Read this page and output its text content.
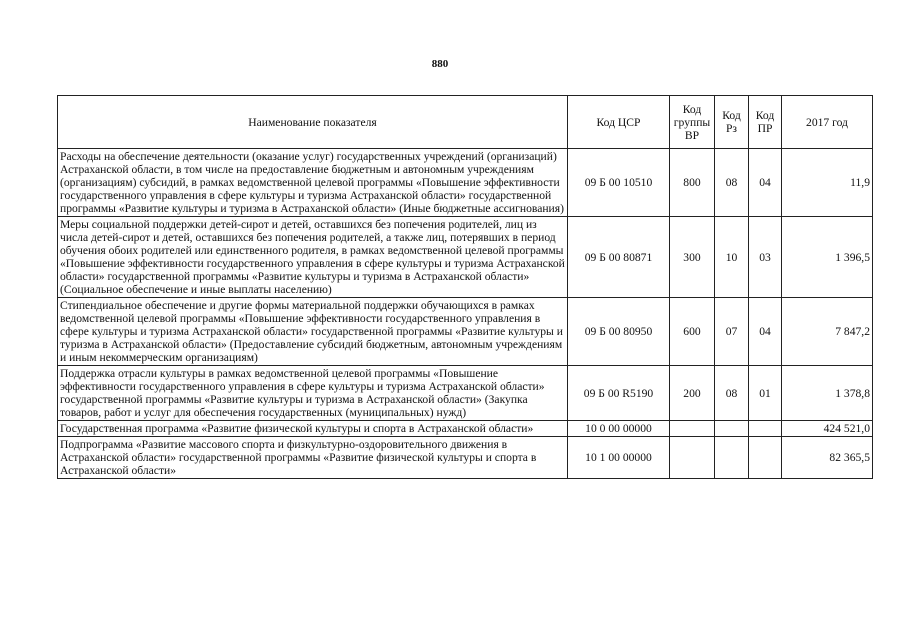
880
Наименование показателя	Код ЦСР	Код группы ВР	Код Рз	Код ПР	2017 год
Расходы на обеспечение деятельности (оказание услуг) государственных учреждений (организаций) Астраханской области, в том числе на предоставление бюджетным и автономным учреждениям (организациям) субсидий, в рамках ведомственной целевой программы «Повышение эффективности государственного управления в сфере культуры и туризма Астраханской области» государственной программы «Развитие культуры и туризма в Астраханской области» (Иные бюджетные ассигнования)	09 Б 00 10510	800	08	04	11,9
Меры социальной поддержки детей-сирот и детей, оставшихся без попечения родителей, лиц из числа детей-сирот и детей, оставшихся без попечения родителей, а также лиц, потерявших в период обучения обоих родителей или единственного родителя, в рамках ведомственной целевой программы «Повышение эффективности государственного управления в сфере культуры и туризма Астраханской области» государственной программы «Развитие культуры и туризма в Астраханской области» (Социальное обеспечение и иные выплаты населению)	09 Б 00 80871	300	10	03	1 396,5
Стипендиальное обеспечение и другие формы материальной поддержки обучающихся в рамках ведомственной целевой программы «Повышение эффективности государственного управления в сфере культуры и туризма Астраханской области» государственной программы «Развитие культуры и туризма в Астраханской области» (Предоставление субсидий бюджетным, автономным учреждениям и иным некоммерческим организациям)	09 Б 00 80950	600	07	04	7 847,2
Поддержка отрасли культуры в рамках ведомственной целевой программы «Повышение эффективности государственного управления в сфере культуры и туризма Астраханской области» государственной программы «Развитие культуры и туризма в Астраханской области» (Закупка товаров, работ и услуг для обеспечения государственных (муниципальных) нужд)	09 Б 00 R5190	200	08	01	1 378,8
Государственная программа «Развитие физической культуры и спорта в Астраханской области»	10 0 00 00000				424 521,0
Подпрограмма «Развитие массового спорта и физкультурно-оздоровительного движения в Астраханской области» государственной программы «Развитие физической культуры и спорта в Астраханской области»	10 1 00 00000				82 365,5
